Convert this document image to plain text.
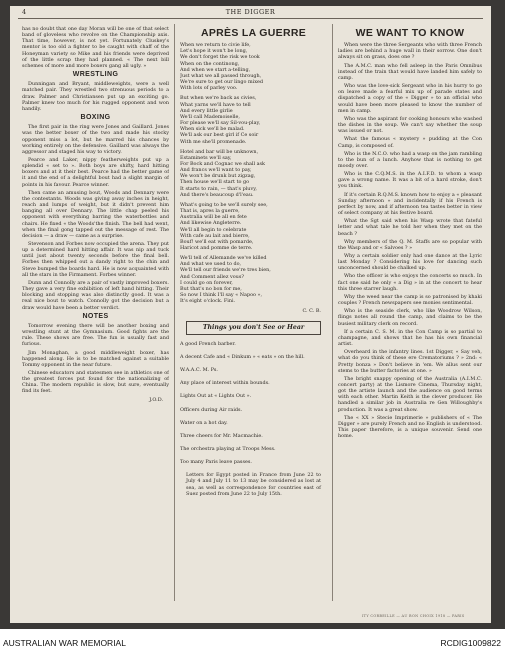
4	THE DIGGER

has no doubt that one day Moran will be one of that select band of gloveless who revolve on the Championship axis. That time, however, is not yet. Fortunately Cluskey's mentor is too old a fighter to be caught with chaff of the Honeyman variety so Mike and his friends were deprived of the little scrap they had planned. « The next bill schemes of more and more boxers gang all ugly. »

WRESTLING

Dunningan and Bryant, middleweights, were a well matched pair. They wrestled two strenuous periods to a draw. Palmer and Christiansen put up an exciting go. Palmer knew too much for his rugged opponent and won handily.

BOXING

The first pair in the ring were Jones and Gaillard. Jones was the better boxer of the two and made his stocky opponent miss a lot, but he marred his chances by working entirely on the defensive. Gaillard was always the aggressor and staged his way to victory.

Pearce and Laker, nippy featherweights put up a splendid « set to ». Both boys are shifty, hard hitting boxers and at it their best. Pearce had the better game of it and the end of a delightful bout had a slight margin of points in his favour. Pearce winner.

Then came an amusing bout, Woods and Dennary were the contestants. Woods was giving away inches in height, reach and lumps of weight, but it didn't prevent him banging all over Dennary. The little chap peeled his opponent with everything barring the waterbottles and chairs. He fixed « the Woods'the finish. The bell had went, when the final gong tapped out the message of rest. The decision — a draw — came as a surprise.

Stevenson and Forbes now occupied the arena. They put up a determined hard hitting affair. It was nip and tuck until just about twenty seconds before the final bell. Forbes then whipped out a dandy right to the chin and Steve bumped the boards hard. He is now acquainted with all the stars in the Firmament. Forbes winner.

Dunn and Connolly are a pair of vastly improved boxers. They gave a very fine exhibition of left hand hitting. Their blocking and stopping was also distinctly good. It was a real nice bout to watch. Connolly got the decision but a draw would have been a better verdict.

NOTES

Tomorrow evening there will be another boxing and wrestling stunt at the Gymnasium. Good fights are the rule. These shows are free. The fun is usually fast and furious.

Jim Monaghan, a good middleweight boxer, has happened along. He is to be matched against a suitable Tommy opponent in the near future.

Chinese educators and statesmen see in athletics one of the greatest forces put found for the nationalizing of China. The modern republic is slow, but sure, eventually find its feet.

J.O.D.
APRÈS LA GUERRE
When we return to civie life,
Let's hope it won't be long,
We don't forget the risk we took
When on the continong,
And when we start a-telling,
Just what we all passed through,
We're sure to get our lingo mixed
With lots of parley voo.
But when we're back as civies,
What yarns we'll have to tell
And every little girlie
We'll call Mademoiselle,
For please we'll say Sil-vou-play,
When sick we'll be malad.
We'll ask our best girl if Ce soir
With me she'll promenade.
Hotel and bar will be unknown,
Estaminets we'll say,
For Bock and Cognac we shall ask
And francs we'll want to pay,
We won't be drunk but zigzag,
Then house we'll start to go
It starts to rain, — that's pluvy,
And there's beaucoup d'l'eau.
What's going to be we'll surely see,
That is, apres la guerre,
Australia will be all en fete
And likewise Angleterre.
We'll all begin to celebrate
With cafe au lait and bierre,
Bouf! we'll eat with pomarde,
Haricot and pomme de terre.
We'll tell of Allemande we've killed
And what we used to do,
We'll tell our friends we're tres bien,
And Comment allez vous?
I could go on forever,
But that's no bon for me,
So now I think I'll say « Napoo »,
It's eight o'clock. Fini.
C. C. B.
Things you don't See or Hear
A good French barber.
A decent Cafe and « Dinkum » « eats » on the hill.
W.A.A.C. M. Ps.
Any place of interest within bounds.
Lights Out at « Lights Out ».
Officers during Air raids.
Water on a hot day.
Three cheers for Mr. Macmachie.
The orchestra playing at Troops Mess.
Too many Paris leave passes.

Letters for Egypt posted in France from June 22 to July 4 and July 11 to 13 may be considered as lost at sea, as well as correspondence for countries east of Suez posted from June 22 to July 15th.

WE WANT TO KNOW

When were the three Sergeants who with three French ladies are behind a huge wall in their sorrow. One don't always sit on grass, does one ?

The A.M.C. man who fell asleep in the Paris Omnibus instead of the train that would have landed him safely to camp.

Who was the love-sick Sergeant who in his hurry to go on leave made a fearful mix up of parade states and dispatched a copy of the « Digger » to an official who would have been more pleased to know the number of men in camp.

Who was the aspirant for cooking honours who washed the dishes in the soup. We can't say whether the soup was issued or not.

What the famous « mystery » pudding at the Con Camp, is composed of.

Who is the N.C.O. who had a wasp on the jam rambling to the bun of a lunch. Anyhow that is nothing to get moody over.

Who is the C.Q.M.S. in the A.I.F.D. to whom a wasp gave a wrong name. It was a bit of a hard stroke, don't you think.

If it's certain R.Q.M.S. known how to enjoy a « pleasant Sunday afternoon » and incidentally if his French is perfect by now, and if afternoon tea tastes better in view of select company at his festive board.

What the Sgt said when his Wasp wrote that fateful letter and what tale he told her when they met on the beach ?

Why members of the Q. M. Staffs are so popular with the Wasp and or « Salvoes ? »

Why a certain soldier only had one dance at the Lyric last Monday ? Considering his love for dancing such unconcerned should be chalked up.

Who the officer is who enjoys the concerts so much. In fact one said he only « a Dig » in at the concert to hear this three starrer laugh.

Why the weed near the camp is so patronised by khaki couples ? French newspapers see monies sentimental.

Who is the seaside clerk, who like Woodrow Wilson, flings notes all round the camp, and claims to be the busiest military clerk on record.

If a certain C. S. M. in the Con Camp is so partial to champagne, and shows that he has his own financial artist.

Overheard in the infantry lines. 1st Digger, « Say veh, what do you think of these ere Crematoriums ? » 2nd: « Pretty bonza » Don't believe in 'em. We allus sent our stems to the butter factories at one. »

The bright snappy opening of the Australia (A.I.M.C. concert party) at the Lismore Cinema, Thursday night, got the artiste launch and the audience on good terms with each other. Martin Keith is the clever producer. He handled a similar job in Australia re Gen Willoughby's production. It was a great show.

The « XX » Stecie Imprimerie » publishers of « The Digger » are purely French and no English is understood. This paper therefore, is a unique souvenir. Send one home.

ITY CORBEILLE — AU BON CHOIX 1918 — PARIS
AUSTRALIAN WAR MEMORIAL	RCDIG1009822
